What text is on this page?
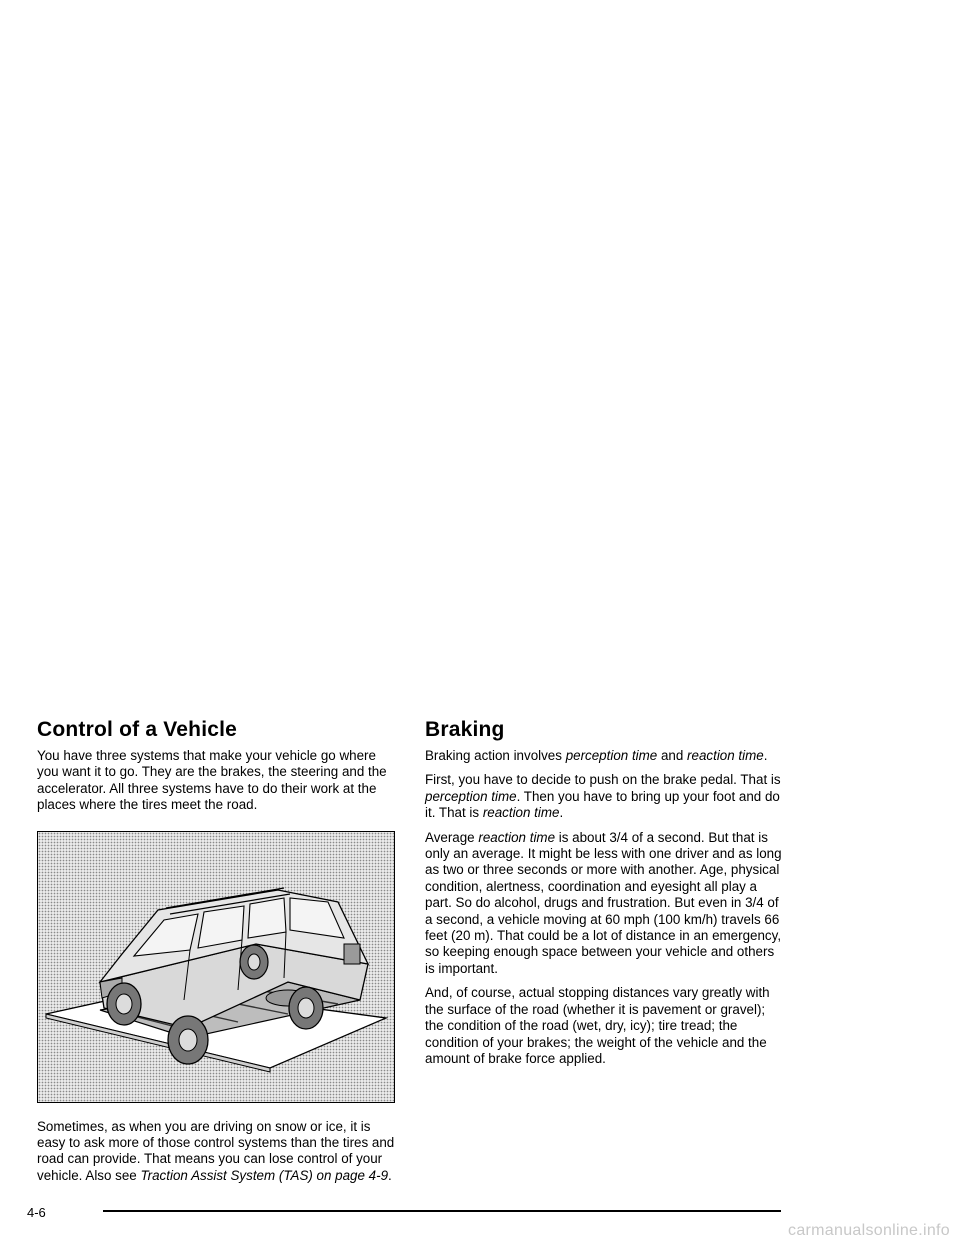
Control of a Vehicle

You have three systems that make your vehicle go where you want it to go. They are the brakes, the steering and the accelerator. All three systems have to do their work at the places where the tires meet the road.

Sometimes, as when you are driving on snow or ice, it is easy to ask more of those control systems than the tires and road can provide. That means you can lose control of your vehicle. Also see Traction Assist System (TAS) on page 4-9.

Braking

Braking action involves perception time and reaction time.

First, you have to decide to push on the brake pedal. That is perception time. Then you have to bring up your foot and do it. That is reaction time.

Average reaction time is about 3/4 of a second. But that is only an average. It might be less with one driver and as long as two or three seconds or more with another. Age, physical condition, alertness, coordination and eyesight all play a part. So do alcohol, drugs and frustration. But even in 3/4 of a second, a vehicle moving at 60 mph (100 km/h) travels 66 feet (20 m). That could be a lot of distance in an emergency, so keeping enough space between your vehicle and others is important.

And, of course, actual stopping distances vary greatly with the surface of the road (whether it is pavement or gravel); the condition of the road (wet, dry, icy); tire tread; the condition of your brakes; the weight of the vehicle and the amount of brake force applied.

4-6
carmanualsonline.info
